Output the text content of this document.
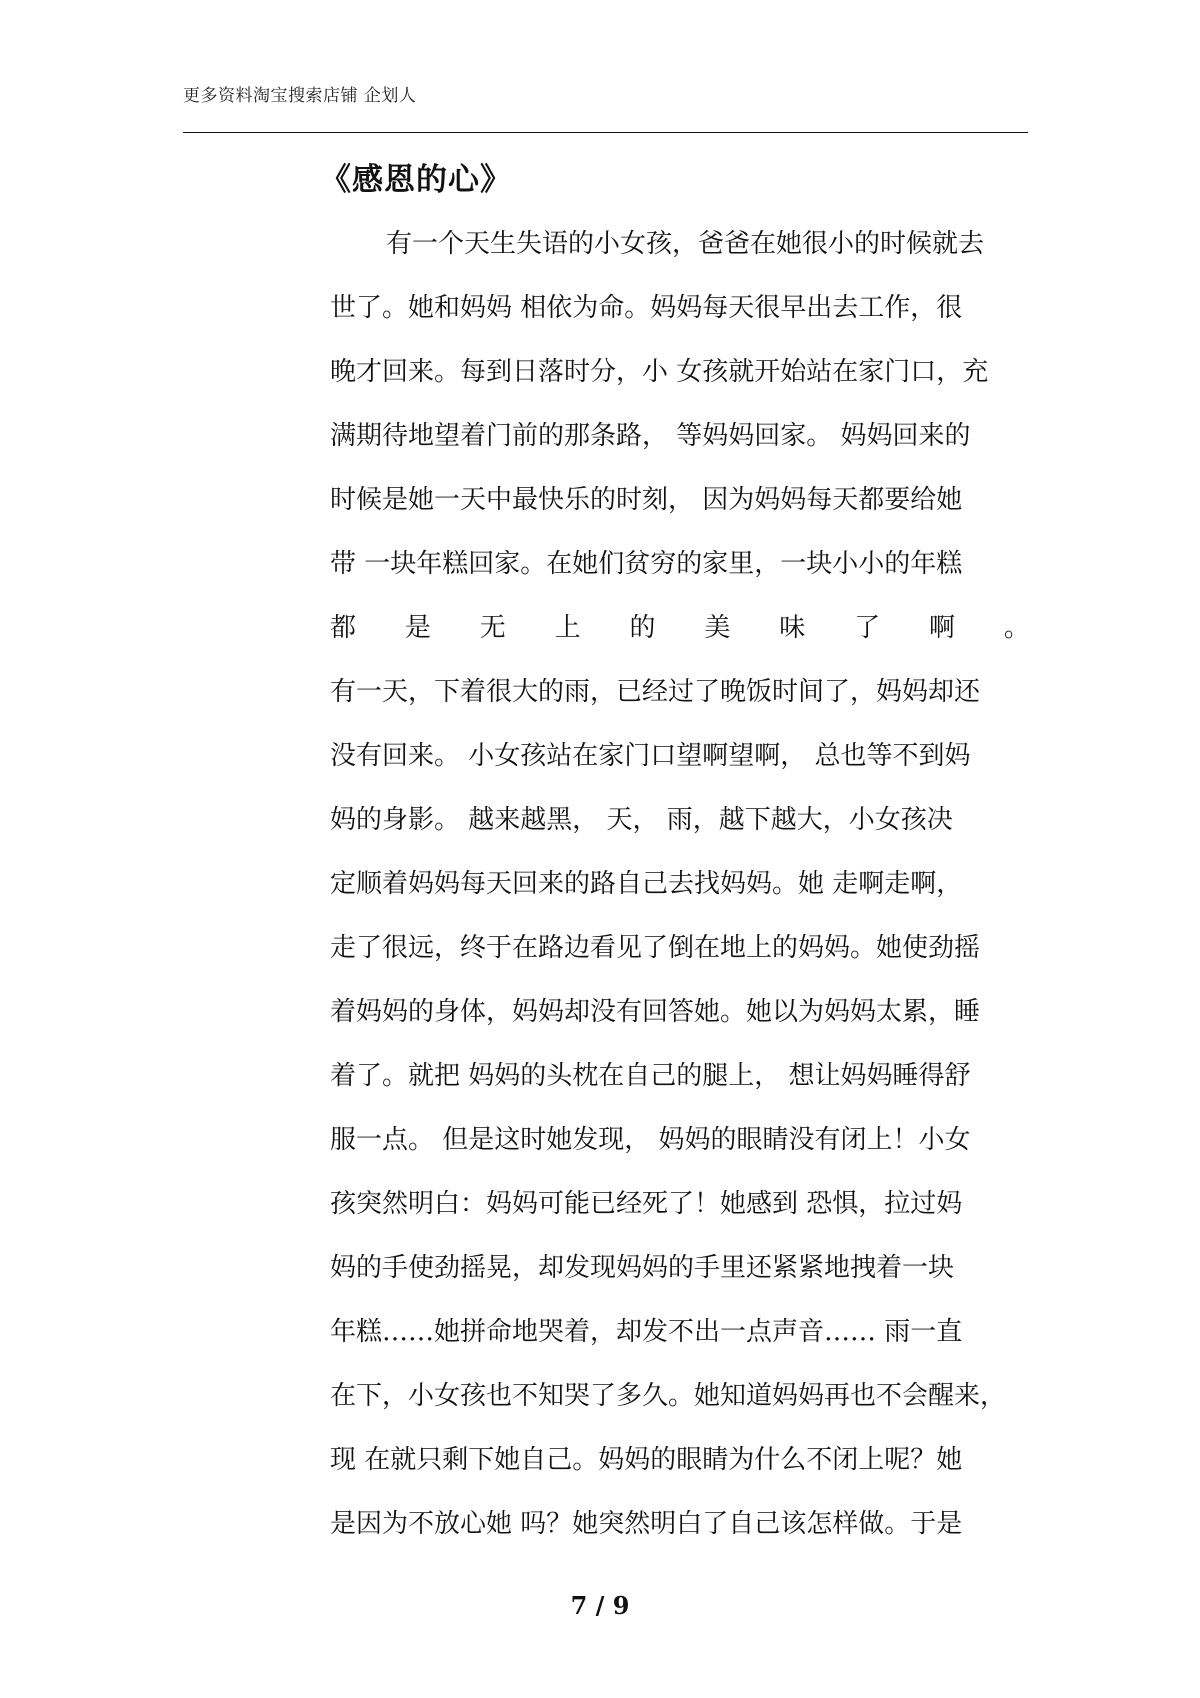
更多资料淘宝搜索店铺 企划人
《感恩的心》
有一个天生失语的小女孩，爸爸在她很小的时候就去
世了。她和妈妈 相依为命。妈妈每天很早出去工作，很
晚才回来。每到日落时分，小 女孩就开始站在家门口，充
满期待地望着门前的那条路， 等妈妈回家。 妈妈回来的
时候是她一天中最快乐的时刻， 因为妈妈每天都要给她
带 一块年糕回家。在她们贫穷的家里，一块小小的年糕
都 是 无 上 的 美 味 了 啊 。
有一天，下着很大的雨，已经过了晚饭时间了，妈妈却还
没有回来。 小女孩站在家门口望啊望啊， 总也等不到妈
妈的身影。 越来越黑， 天， 雨，越下越大，小女孩决
定顺着妈妈每天回来的路自己去找妈妈。她 走啊走啊，
走了很远，终于在路边看见了倒在地上的妈妈。她使劲摇
着妈妈的身体，妈妈却没有回答她。她以为妈妈太累，睡
着了。就把 妈妈的头枕在自己的腿上， 想让妈妈睡得舒
服一点。 但是这时她发现， 妈妈的眼睛没有闭上！小女
孩突然明白：妈妈可能已经死了！她感到 恐惧，拉过妈
妈的手使劲摇晃，却发现妈妈的手里还紧紧地拽着一块
年糕……她拼命地哭着，却发不出一点声音…… 雨一直
在下，小女孩也不知哭了多久。她知道妈妈再也不会醒来，
现 在就只剩下她自己。妈妈的眼睛为什么不闭上呢？她
是因为不放心她 吗？她突然明白了自己该怎样做。于是
7 / 9
